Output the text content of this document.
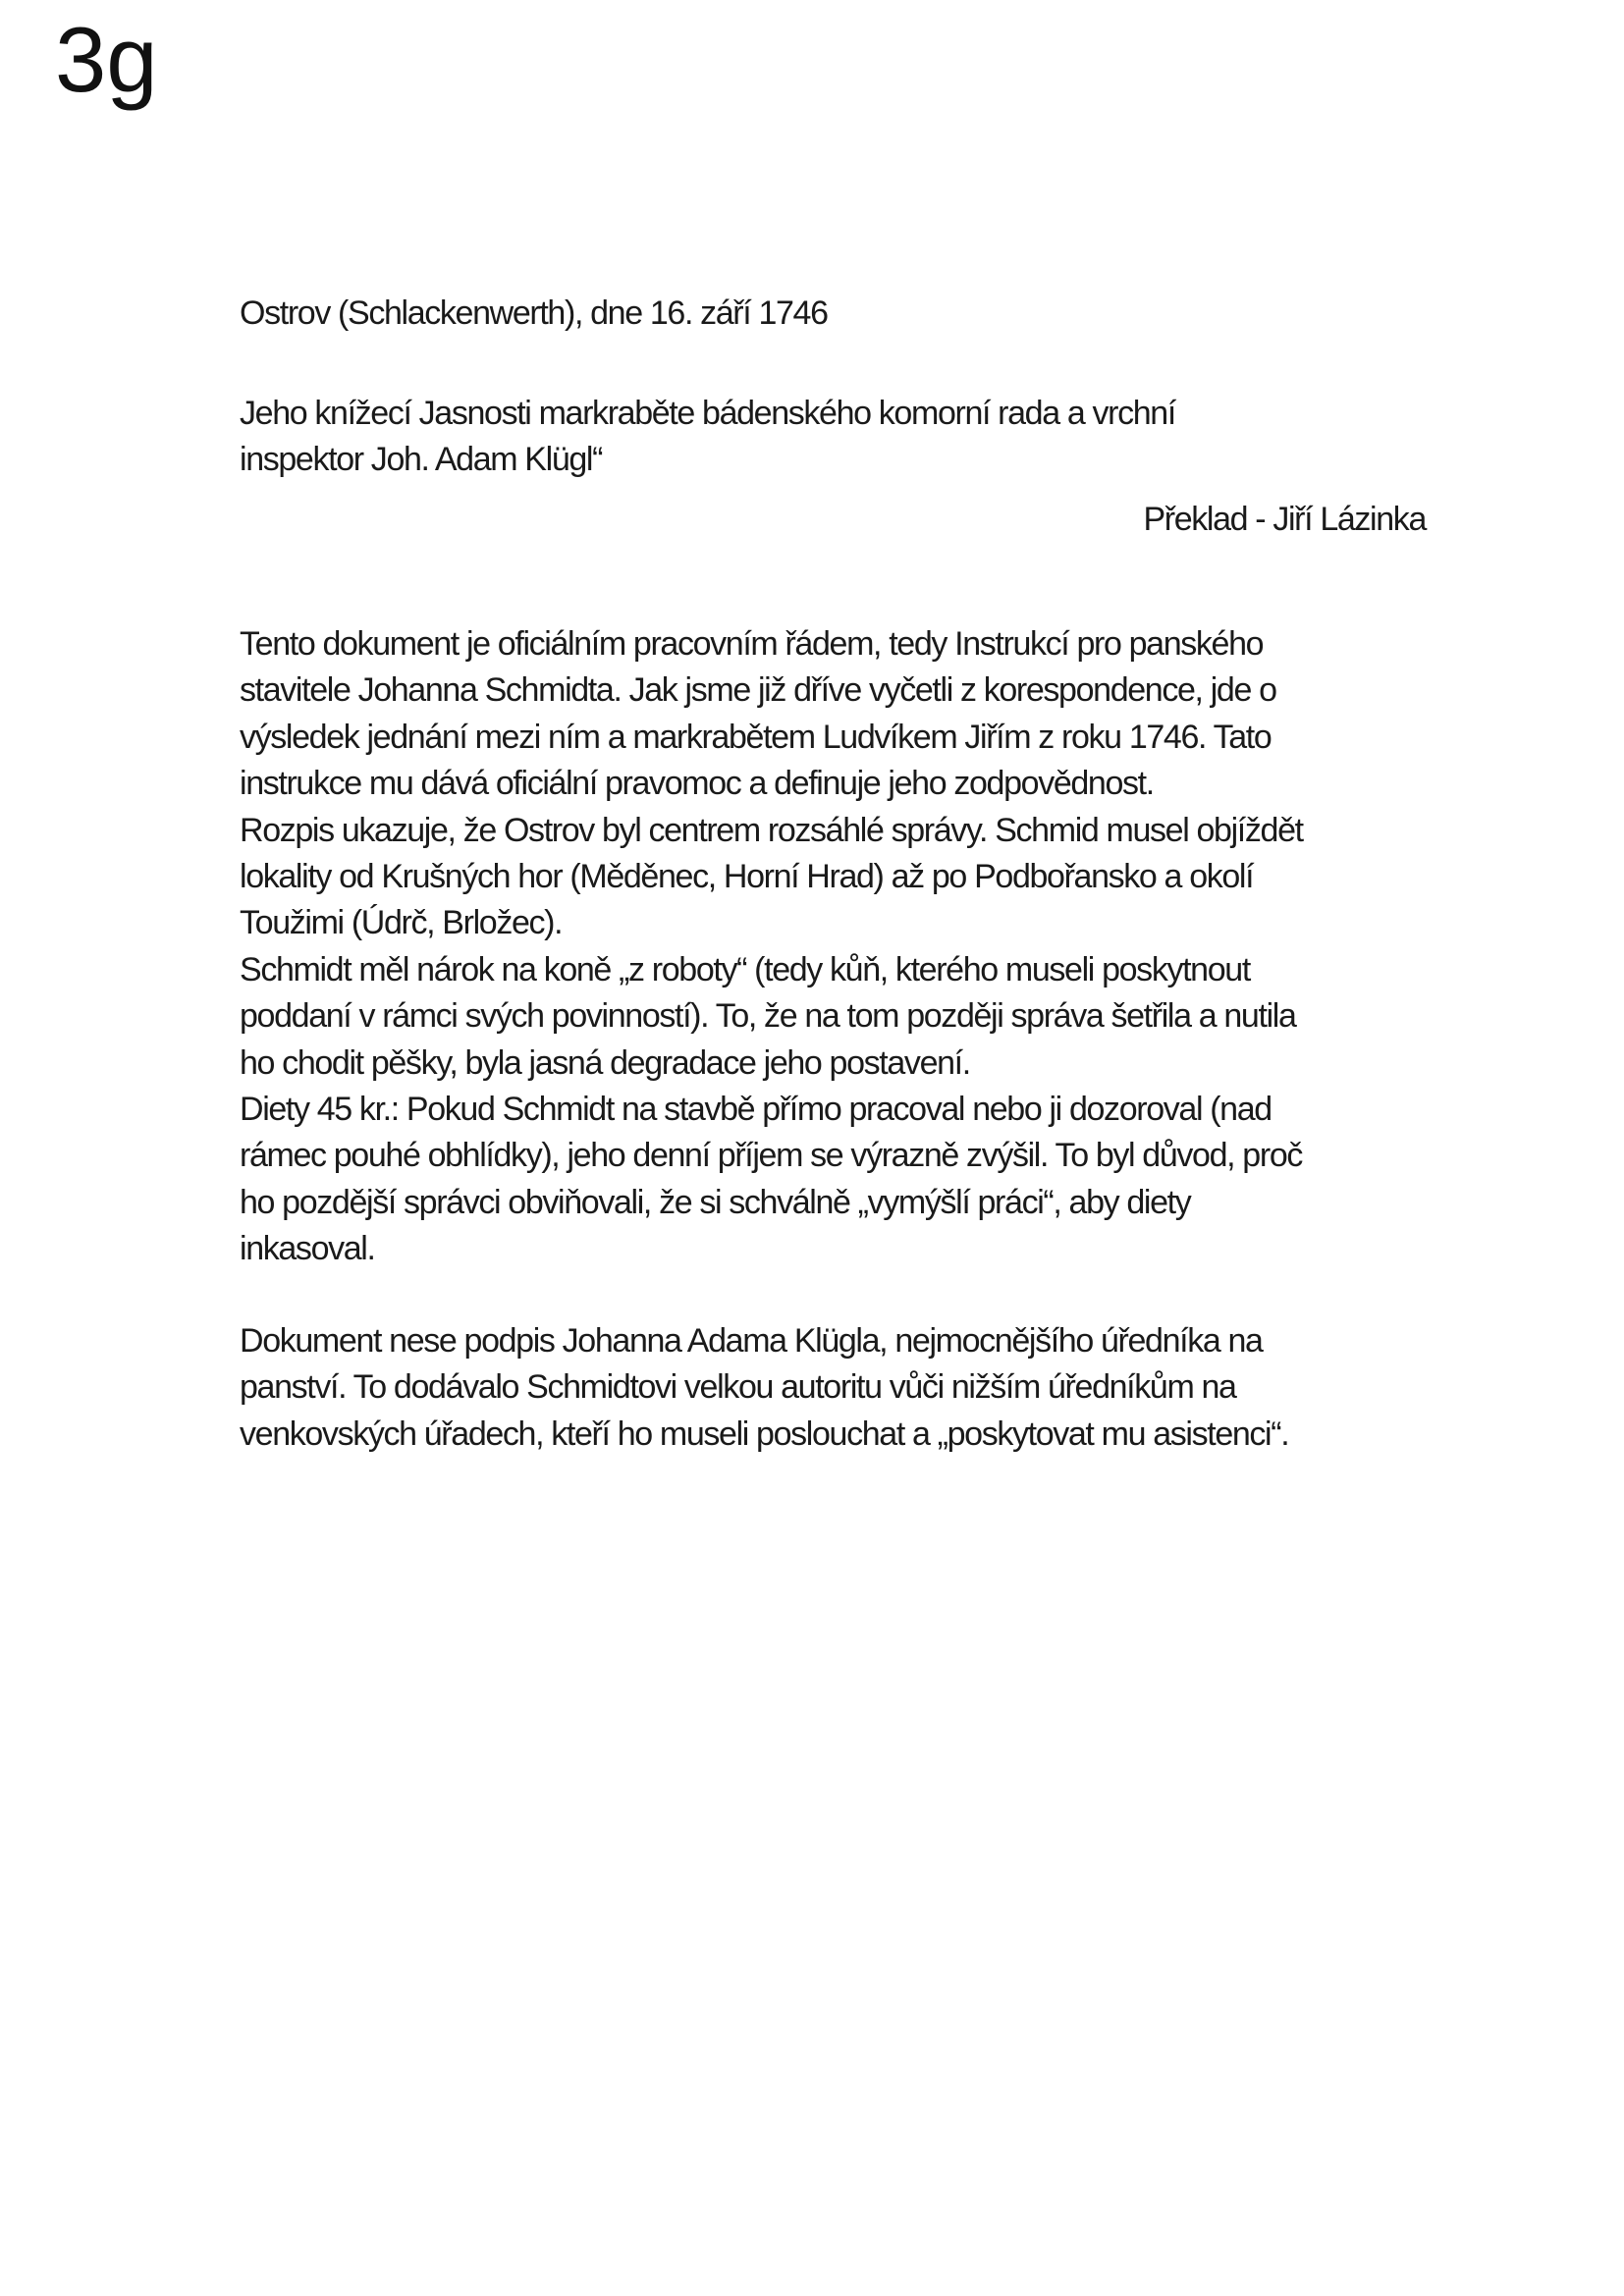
3g
Ostrov (Schlackenwerth), dne 16. září 1746
Jeho knížecí Jasnosti markraběte bádenského komorní rada a vrchní
inspektor Joh. Adam Klügl“
Překlad - Jiří Lázinka
Tento dokument je oficiálním pracovním řádem, tedy Instrukcí pro panského
stavitele Johanna Schmidta. Jak jsme již dříve vyčetli z korespondence, jde o
výsledek jednání mezi ním a markrabětem Ludvíkem Jiřím z roku 1746. Tato
instrukce mu dává oficiální pravomoc a definuje jeho zodpovědnost.
Rozpis ukazuje, že Ostrov byl centrem rozsáhlé správy. Schmid musel objíždět
lokality od Krušných hor (Měděnec, Horní Hrad) až po Podbořansko a okolí
Toužimi (Údrč, Brložec).
Schmidt měl nárok na koně „z roboty“ (tedy kůň, kterého museli poskytnout
poddaní v rámci svých povinností). To, že na tom později správa šetřila a nutila
ho chodit pěšky, byla jasná degradace jeho postavení.
Diety 45 kr.: Pokud Schmidt na stavbě přímo pracoval nebo ji dozoroval (nad
rámec pouhé obhlídky), jeho denní příjem se výrazně zvýšil. To byl důvod, proč
ho pozdější správci obviňovali, že si schválně „vymýšlí práci“, aby diety
inkasoval.
Dokument nese podpis Johanna Adama Klügla, nejmocnějšího úředníka na
panství. To dodávalo Schmidtovi velkou autoritu vůči nižším úředníkům na
venkovských úřadech, kteří ho museli poslouchat a „poskytovat mu asistenci“.
